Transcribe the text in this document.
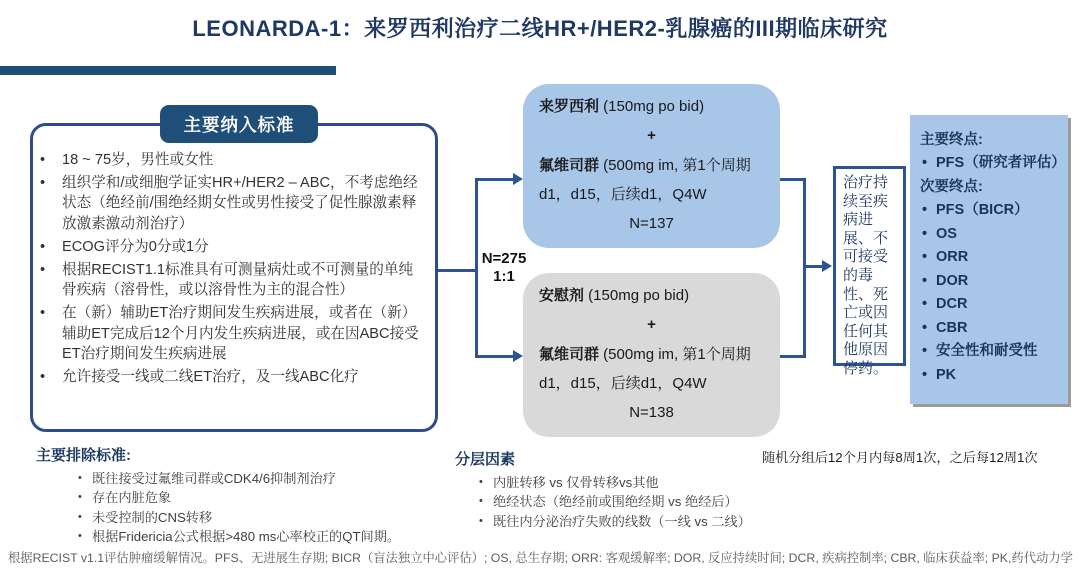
LEONARDA-1：来罗西利治疗二线HR+/HER2-乳腺癌的III期临床研究
主要纳入标准
• 18 ~ 75岁，男性或女性
• 组织学和/或细胞学证实HR+/HER2 – ABC，不考虑绝经状态（绝经前/围绝经期女性或男性接受了促性腺激素释放激素激动剂治疗）
• ECOG评分为0分或1分
• 根据RECIST1.1标准具有可测量病灶或不可测量的单纯骨疾病（溶骨性，或以溶骨性为主的混合性）
• 在（新）辅助ET治疗期间发生疾病进展，或者在（新）辅助ET完成后12个月内发生疾病进展，或在因ABC接受ET治疗期间发生疾病进展
• 允许接受一线或二线ET治疗，及一线ABC化疗
N=275
1:1
来罗西利 (150mg po bid)
+
氟维司群 (500mg im, 第1个周期d1，d15，后续d1，Q4W
N=137
安慰剂 (150mg po bid)
+
氟维司群 (500mg im, 第1个周期d1，d15，后续d1，Q4W
N=138
治疗持续至疾病进展、不可接受的毒性、死亡或因任何其他原因停药。
主要终点:
• PFS（研究者评估）
次要终点:
• PFS（BICR）
• OS
• ORR
• DOR
• DCR
• CBR
• 安全性和耐受性
• PK
主要排除标准:
• 既往接受过氟维司群或CDK4/6抑制剂治疗
• 存在内脏危象
• 未受控制的CNS转移
• 根据Fridericia公式根据>480 ms心率校正的QT间期。
分层因素
• 内脏转移 vs 仅骨转移vs其他
• 绝经状态（绝经前或围绝经期 vs 绝经后）
• 既往内分泌治疗失败的线数（一线 vs 二线）
随机分组后12个月内每8周1次，之后每12周1次
根据RECIST v1.1评估肿瘤缓解情况。PFS、无进展生存期; BICR（盲法独立中心评估）; OS, 总生存期; ORR: 客观缓解率; DOR, 反应持续时间; DCR, 疾病控制率; CBR, 临床获益率; PK,药代动力学
